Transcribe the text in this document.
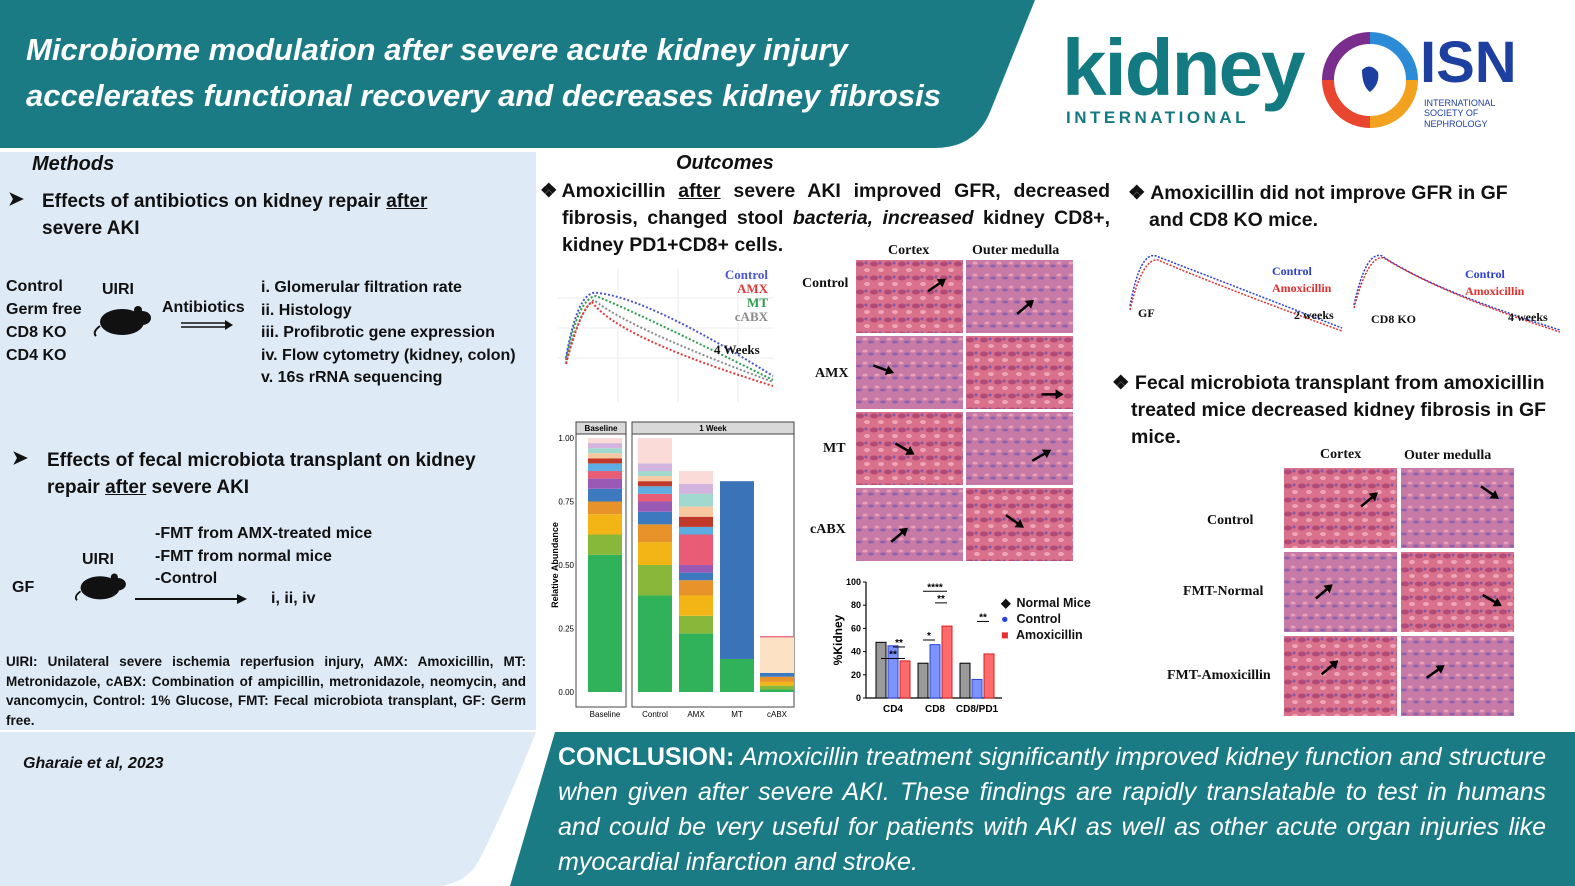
Microbiome modulation after severe acute kidney injury
accelerates functional recovery and decreases kidney fibrosis kidney
INTERNATIONAL
ISN
INTERNATIONAL SOCIETY OF NEPHROLOGY
Methods
➤ Effects of antibiotics on kidney repair after
severe AKI
Control
Germ free
CD8 KO
CD4 KO
UIRI
Antibiotics
i. Glomerular filtration rate
ii. Histology
iii. Profibrotic gene expression
iv. Flow cytometry (kidney, colon)
v. 16s rRNA sequencing
➤ Effects of fecal microbiota transplant on kidney
repair after severe AKI
-FMT from AMX-treated mice
-FMT from normal mice
-Control
UIRI
GF
i, ii, iv
UIRI: Unilateral severe ischemia reperfusion injury, AMX: Amoxicillin, MT: Metronidazole, cABX: Combination of ampicillin, metronidazole, neomycin, and vancomycin, Control: 1% Glucose, FMT: Fecal microbiota transplant, GF: Germ free.
Outcomes
❖ Amoxicillin after severe AKI improved GFR, decreased
fibrosis, changed stool bacteria, increased kidney CD8+,
kidney PD1+CD8+ cells.
Control
AMX
MT
cABX
4 Weeks
Baseline	1 Week
0.00
0.25
0.50
0.75
1.00
Relative Abundance
Baseline	Control AMX	MT	cABX
Cortex	Outer medulla
Control
AMX
MT
cABX
0
20
40
60
80
100
%Kidney
CD4 CD8 CD8/PD1
**
**
*
****
**
**
◆ Normal Mice
● Control
■ Amoxicillin
❖ Amoxicillin did not improve GFR in GF
and CD8 KO mice.
GF	2 weeks
Control
Amoxicillin
CD8 KO	4 weeks
Control
Amoxicillin
❖ Fecal microbiota transplant from amoxicillin
treated mice decreased kidney fibrosis in GF
mice.
Cortex	Outer medulla
Control
FMT-Normal
FMT-Amoxicillin
Gharaie et al, 2023	CONCLUSION: Amoxicillin treatment significantly improved kidney function and structure when given after severe AKI. These findings are rapidly translatable to test in humans and could be very useful for patients with AKI as well as other acute organ injuries like myocardial infarction and stroke.
